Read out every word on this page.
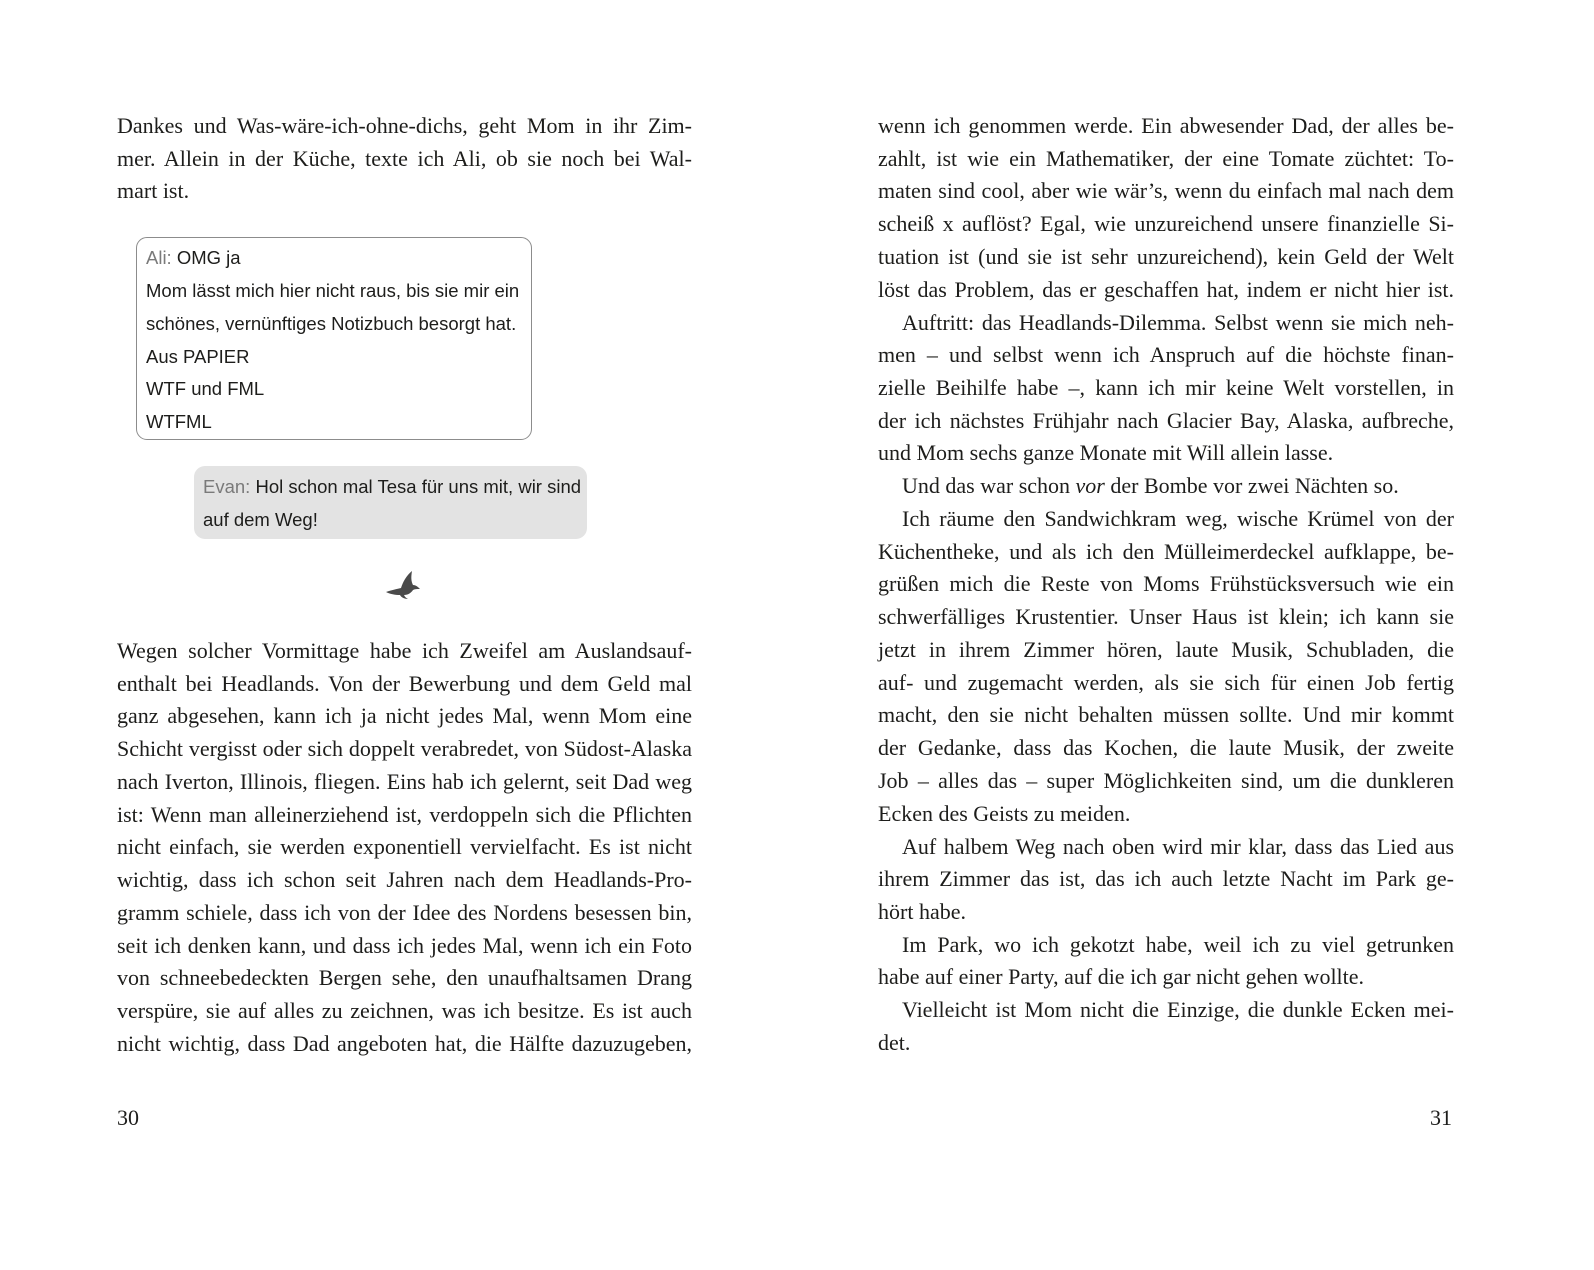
Dankes und Was-wäre-ich-ohne-dichs, geht Mom in ihr Zim-
mer. Allein in der Küche, texte ich Ali, ob sie noch bei Wal-
mart ist.
Ali: OMG ja
Mom lässt mich hier nicht raus, bis sie mir ein
schönes, vernünftiges Notizbuch besorgt hat.
Aus PAPIER
WTF und FML
WTFML
Evan: Hol schon mal Tesa für uns mit, wir sind
auf dem Weg!
Wegen solcher Vormittage habe ich Zweifel am Auslandsauf-
enthalt bei Headlands. Von der Bewerbung und dem Geld mal
ganz abgesehen, kann ich ja nicht jedes Mal, wenn Mom eine
Schicht vergisst oder sich doppelt verabredet, von Südost-Alaska
nach Iverton, Illinois, fliegen. Eins hab ich gelernt, seit Dad weg
ist: Wenn man alleinerziehend ist, verdoppeln sich die Pflichten
nicht einfach, sie werden exponentiell vervielfacht. Es ist nicht
wichtig, dass ich schon seit Jahren nach dem Headlands-Pro-
gramm schiele, dass ich von der Idee des Nordens besessen bin,
seit ich denken kann, und dass ich jedes Mal, wenn ich ein Foto
von schneebedeckten Bergen sehe, den unaufhaltsamen Drang
verspüre, sie auf alles zu zeichnen, was ich besitze. Es ist auch
nicht wichtig, dass Dad angeboten hat, die Hälfte dazuzugeben,
30
wenn ich genommen werde. Ein abwesender Dad, der alles be-
zahlt, ist wie ein Mathematiker, der eine Tomate züchtet: To-
maten sind cool, aber wie wär’s, wenn du einfach mal nach dem
scheiß x auflöst? Egal, wie unzureichend unsere finanzielle Si-
tuation ist (und sie ist sehr unzureichend), kein Geld der Welt
löst das Problem, das er geschaffen hat, indem er nicht hier ist.
Auftritt: das Headlands-Dilemma. Selbst wenn sie mich neh-
men – und selbst wenn ich Anspruch auf die höchste finan-
zielle Beihilfe habe –, kann ich mir keine Welt vorstellen, in
der ich nächstes Frühjahr nach Glacier Bay, Alaska, aufbreche,
und Mom sechs ganze Monate mit Will allein lasse.
Und das war schon vor der Bombe vor zwei Nächten so.
Ich räume den Sandwichkram weg, wische Krümel von der
Küchentheke, und als ich den Mülleimerdeckel aufklappe, be-
grüßen mich die Reste von Moms Frühstücksversuch wie ein
schwerfälliges Krustentier. Unser Haus ist klein; ich kann sie
jetzt in ihrem Zimmer hören, laute Musik, Schubladen, die
auf- und zugemacht werden, als sie sich für einen Job fertig
macht, den sie nicht behalten müssen sollte. Und mir kommt
der Gedanke, dass das Kochen, die laute Musik, der zweite
Job – alles das – super Möglichkeiten sind, um die dunkleren
Ecken des Geists zu meiden.
Auf halbem Weg nach oben wird mir klar, dass das Lied aus
ihrem Zimmer das ist, das ich auch letzte Nacht im Park ge-
hört habe.
Im Park, wo ich gekotzt habe, weil ich zu viel getrunken
habe auf einer Party, auf die ich gar nicht gehen wollte.
Vielleicht ist Mom nicht die Einzige, die dunkle Ecken mei-
det.
31
